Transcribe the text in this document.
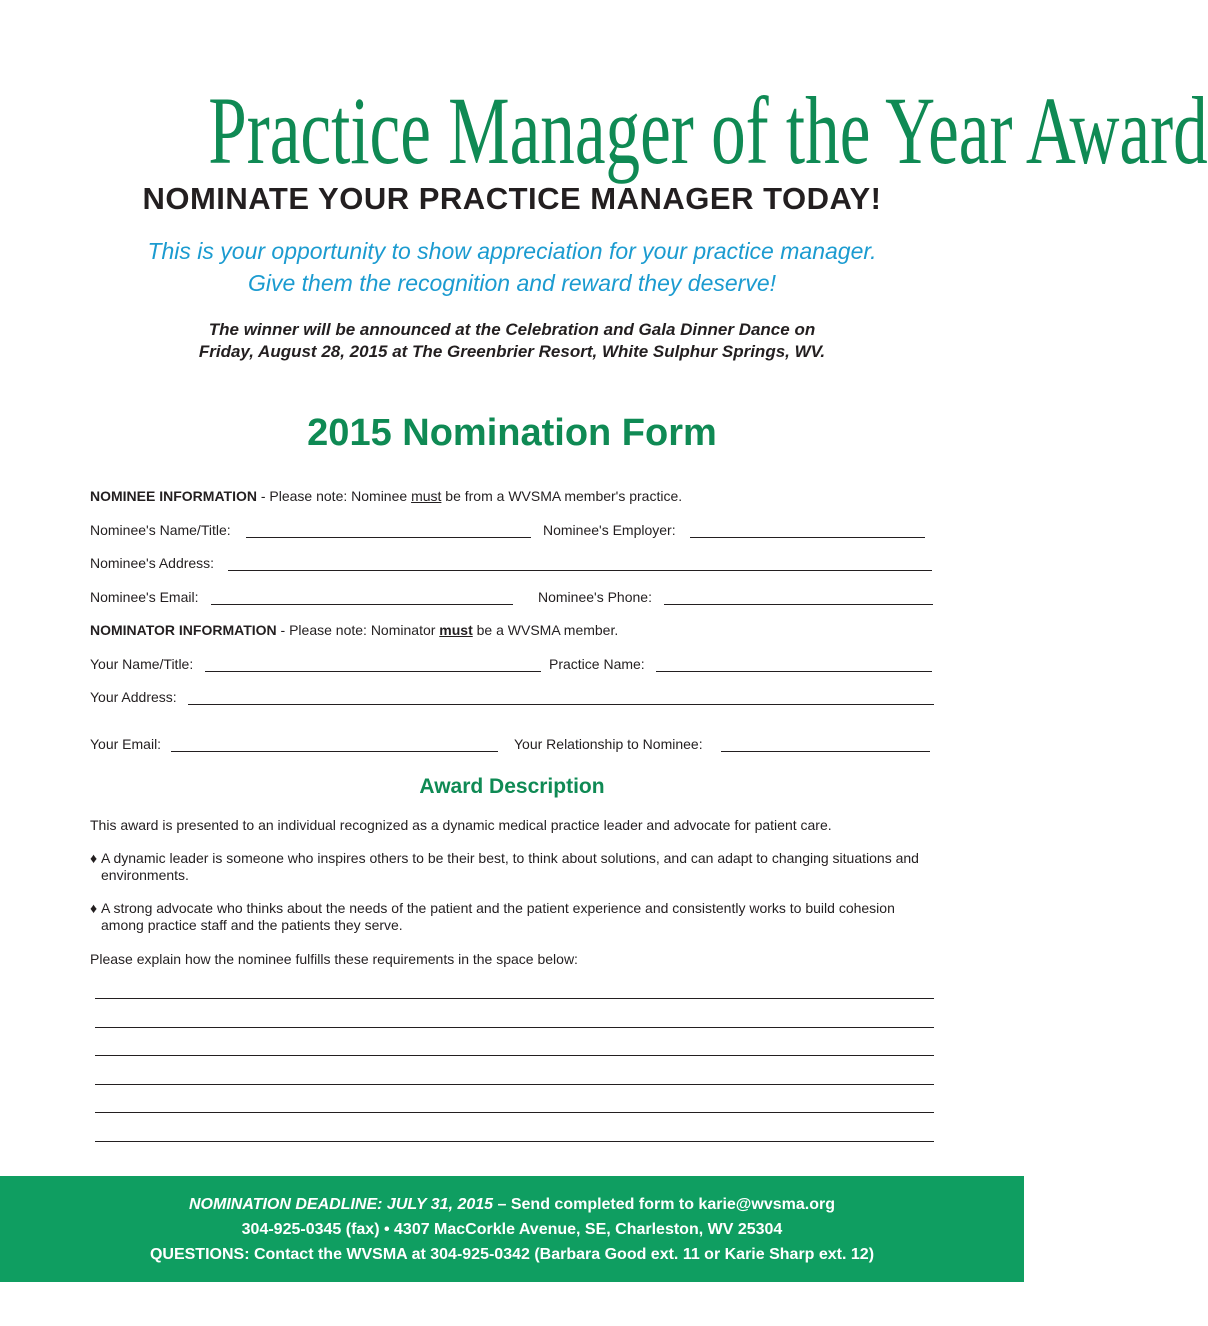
Practice Manager of the Year Award
NOMINATE YOUR PRACTICE MANAGER TODAY!
This is your opportunity to show appreciation for your practice manager.
Give them the recognition and reward they deserve!
The winner will be announced at the Celebration and Gala Dinner Dance on
Friday, August 28, 2015 at The Greenbrier Resort, White Sulphur Springs, WV.
2015 Nomination Form
NOMINEE INFORMATION - Please note: Nominee must be from a WVSMA member's practice.
Nominee's Name/Title:	Nominee's Employer:
Nominee's Address:
Nominee's Email:	Nominee's Phone:
NOMINATOR INFORMATION - Please note: Nominator must be a WVSMA member.
Your Name/Title:	Practice Name:
Your Address:
Your Email:	Your Relationship to Nominee:
Award Description
This award is presented to an individual recognized as a dynamic medical practice leader and advocate for patient care.
♦ A dynamic leader is someone who inspires others to be their best, to think about solutions, and can adapt to changing situations and environments.
♦ A strong advocate who thinks about the needs of the patient and the patient experience and consistently works to build cohesion among practice staff and the patients they serve.
Please explain how the nominee fulfills these requirements in the space below:
NOMINATION DEADLINE: JULY 31, 2015 – Send completed form to karie@wvsma.org
304-925-0345 (fax) • 4307 MacCorkle Avenue, SE, Charleston, WV 25304
QUESTIONS: Contact the WVSMA at 304-925-0342 (Barbara Good ext. 11 or Karie Sharp ext. 12)
